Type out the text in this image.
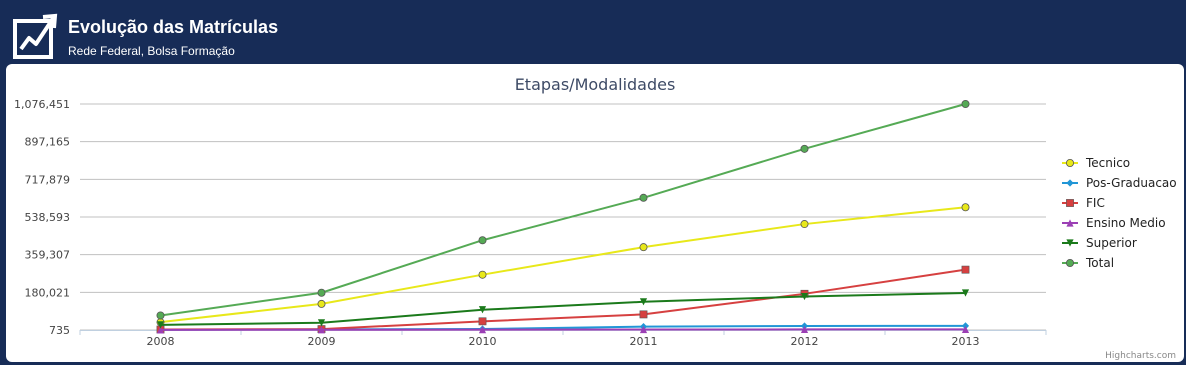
Evolução das Matrículas
Rede Federal, Bolsa Formação
Etapas/Modalidades
735
180,021
359,307
538,593
717,879
897,165
1,076,451
2008	2009	2010	2011	2012	2013
Tecnico
Pos-Graduacao
FIC
Ensino Medio
Superior
Total
Highcharts.com
